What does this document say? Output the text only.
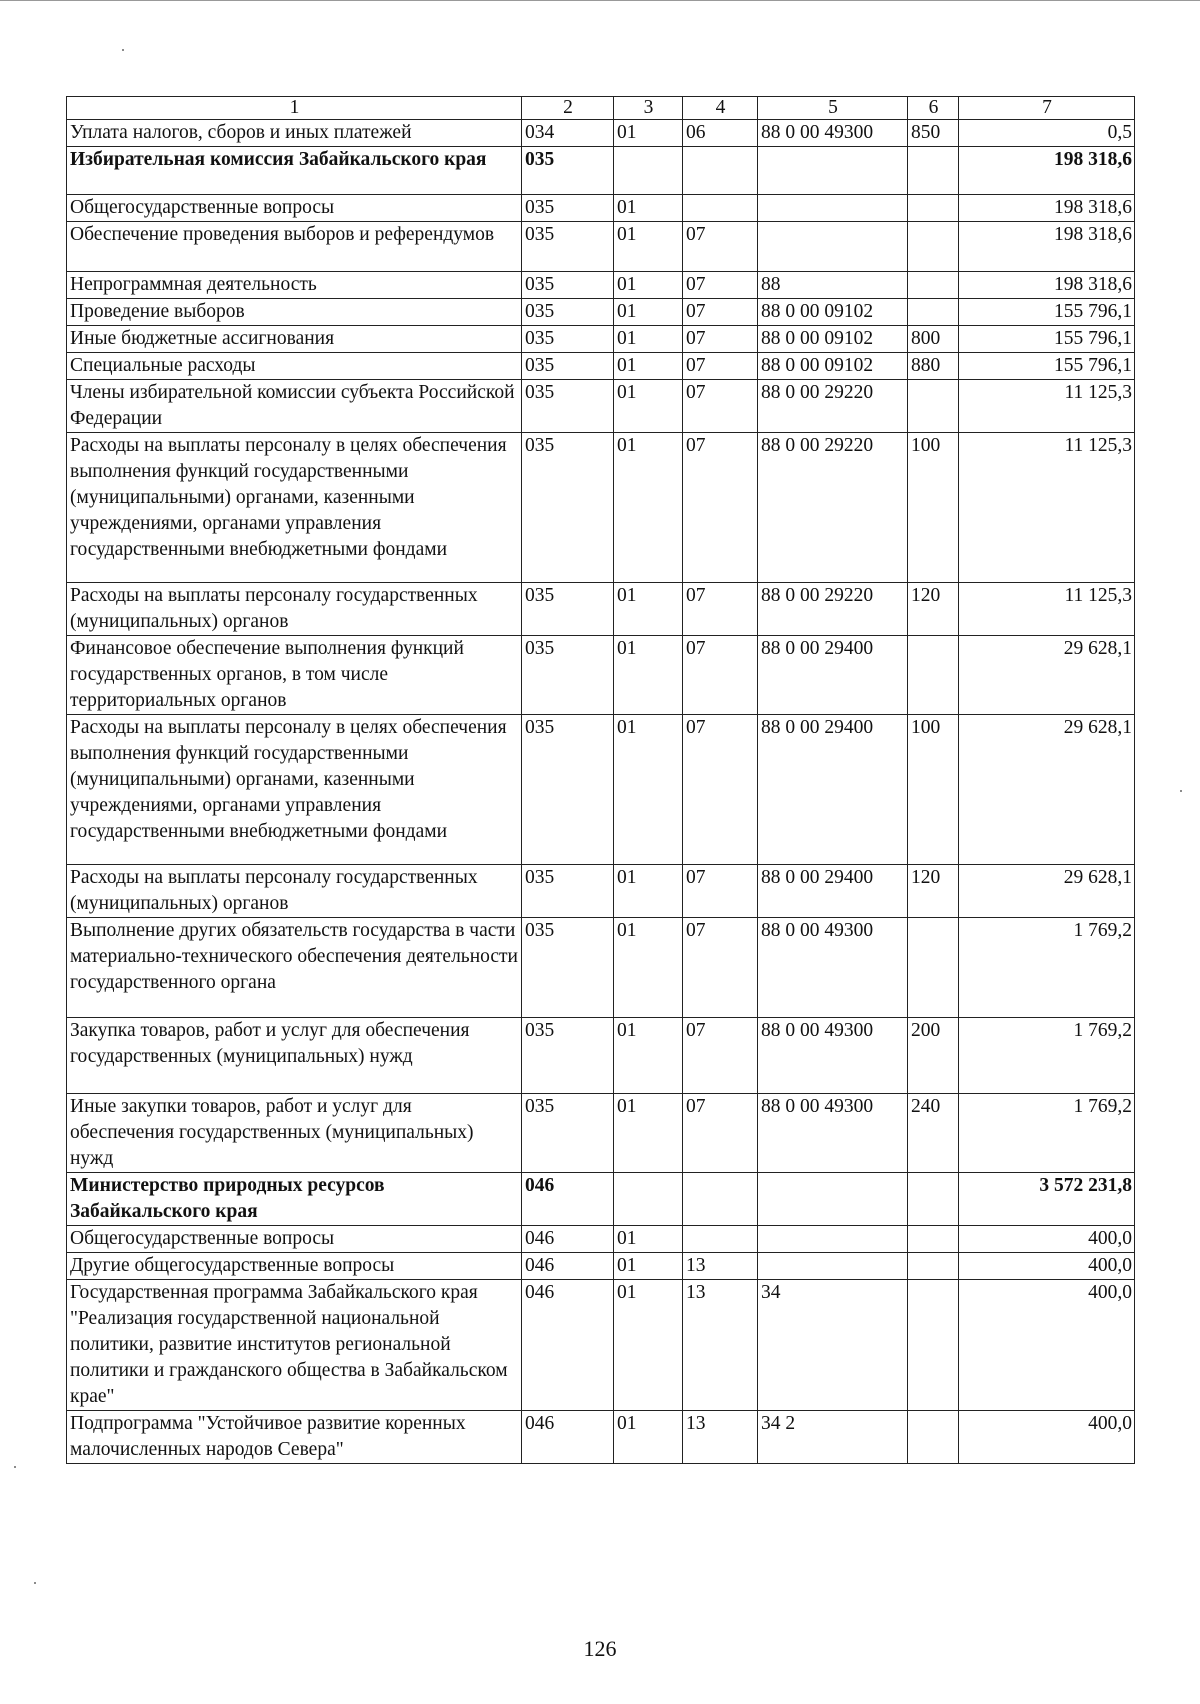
1	2	3	4	5	6	7
Уплата налогов, сборов и иных платежей	034	01	06	88 0 00 49300	850	0,5
Избирательная комиссия Забайкальского края	035					198 318,6
Общегосударственные вопросы	035	01				198 318,6
Обеспечение проведения выборов и референдумов	035	01	07			198 318,6
Непрограммная деятельность	035	01	07	88		198 318,6
Проведение выборов	035	01	07	88 0 00 09102		155 796,1
Иные бюджетные ассигнования	035	01	07	88 0 00 09102	800	155 796,1
Специальные расходы	035	01	07	88 0 00 09102	880	155 796,1
Члены избирательной комиссии субъекта Российской Федерации	035	01	07	88 0 00 29220		11 125,3
Расходы на выплаты персоналу в целях обеспечения выполнения функций государственными (муниципальными) органами, казенными учреждениями, органами управления государственными внебюджетными фондами	035	01	07	88 0 00 29220	100	11 125,3
Расходы на выплаты персоналу государственных (муниципальных) органов	035	01	07	88 0 00 29220	120	11 125,3
Финансовое обеспечение выполнения функций государственных органов, в том числе территориальных органов	035	01	07	88 0 00 29400		29 628,1
Расходы на выплаты персоналу в целях обеспечения выполнения функций государственными (муниципальными) органами, казенными учреждениями, органами управления государственными внебюджетными фондами	035	01	07	88 0 00 29400	100	29 628,1
Расходы на выплаты персоналу государственных (муниципальных) органов	035	01	07	88 0 00 29400	120	29 628,1
Выполнение других обязательств государства в части материально-технического обеспечения деятельности государственного органа	035	01	07	88 0 00 49300		1 769,2
Закупка товаров, работ и услуг для обеспечения государственных (муниципальных) нужд	035	01	07	88 0 00 49300	200	1 769,2
Иные закупки товаров, работ и услуг для обеспечения государственных (муниципальных) нужд	035	01	07	88 0 00 49300	240	1 769,2
Министерство природных ресурсов Забайкальского края	046					3 572 231,8
Общегосударственные вопросы	046	01				400,0
Другие общегосударственные вопросы	046	01	13			400,0
Государственная программа Забайкальского края "Реализация государственной национальной политики, развитие институтов региональной политики и гражданского общества в Забайкальском крае"	046	01	13	34		400,0
Подпрограмма "Устойчивое развитие коренных малочисленных народов Севера"	046	01	13	34 2		400,0
126
